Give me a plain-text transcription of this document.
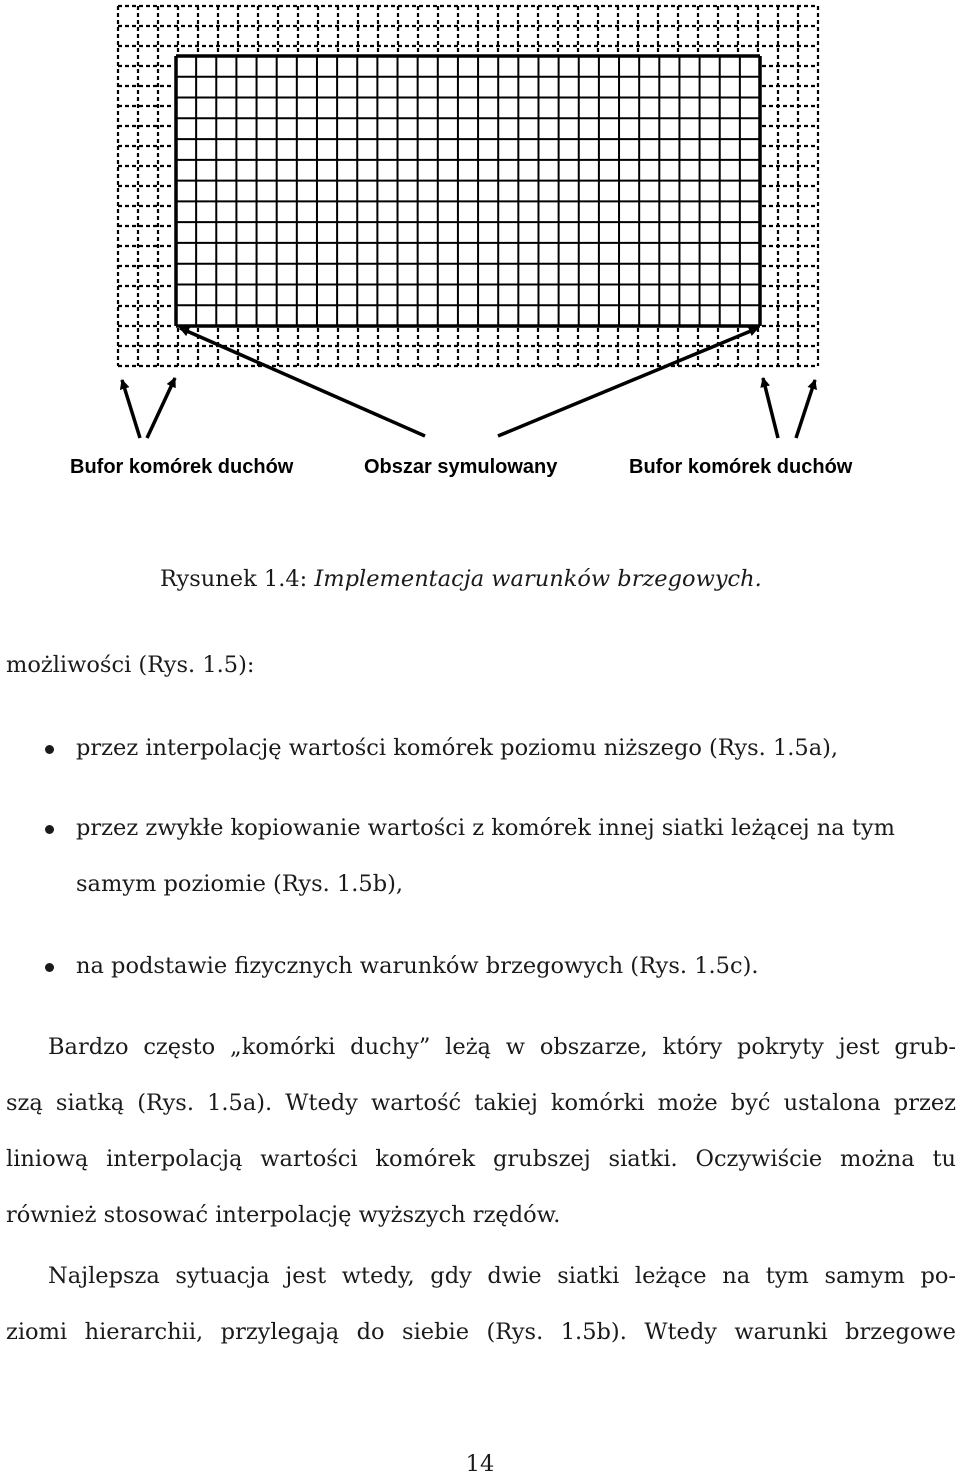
Bufor komórek duchów	Obszar symulowany	Bufor komórek duchów
Rysunek 1.4: Implementacja warunków brzegowych.
możliwości (Rys. 1.5):
przez interpolację wartości komórek poziomu niższego (Rys. 1.5a),
przez zwykłe kopiowanie wartości z komórek innej siatki leżącej na tym
samym poziomie (Rys. 1.5b),
na podstawie fizycznych warunków brzegowych (Rys. 1.5c).
Bardzo często „komórki duchy” leżą w obszarze, który pokryty jest grub-
szą siatką (Rys. 1.5a). Wtedy wartość takiej komórki może być ustalona przez
liniową interpolacją wartości komórek grubszej siatki. Oczywiście można tu
również stosować interpolację wyższych rzędów.
Najlepsza sytuacja jest wtedy, gdy dwie siatki leżące na tym samym po-
ziomi hierarchii, przylegają do siebie (Rys. 1.5b). Wtedy warunki brzegowe
14
